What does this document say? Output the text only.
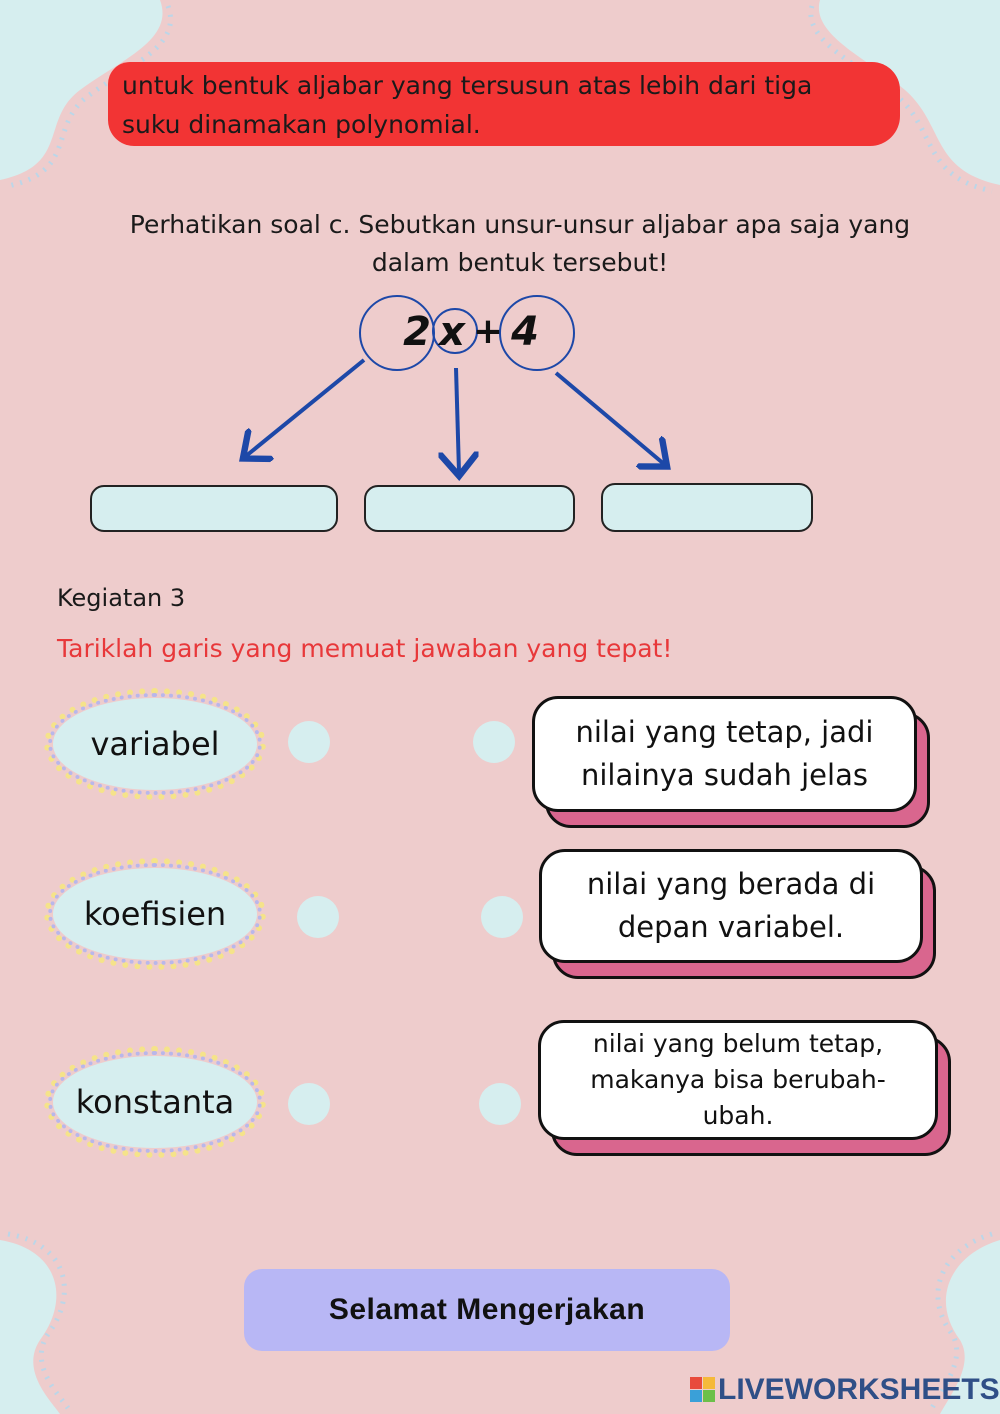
untuk bentuk aljabar yang tersusun atas lebih dari tiga

suku dinamakan polynomial.

Perhatikan soal c. Sebutkan unsur-unsur aljabar apa saja yang
dalam bentuk tersebut!
2 x + 4
Kegiatan 3
Tariklah garis yang memuat jawaban yang tepat!
variabel
koefisien
konstanta
nilai yang tetap, jadi
nilainya sudah jelas
nilai yang berada di
depan variabel.
nilai yang belum tetap,
makanya bisa berubah-
ubah.
Selamat Mengerjakan
LIVEWORKSHEETS
